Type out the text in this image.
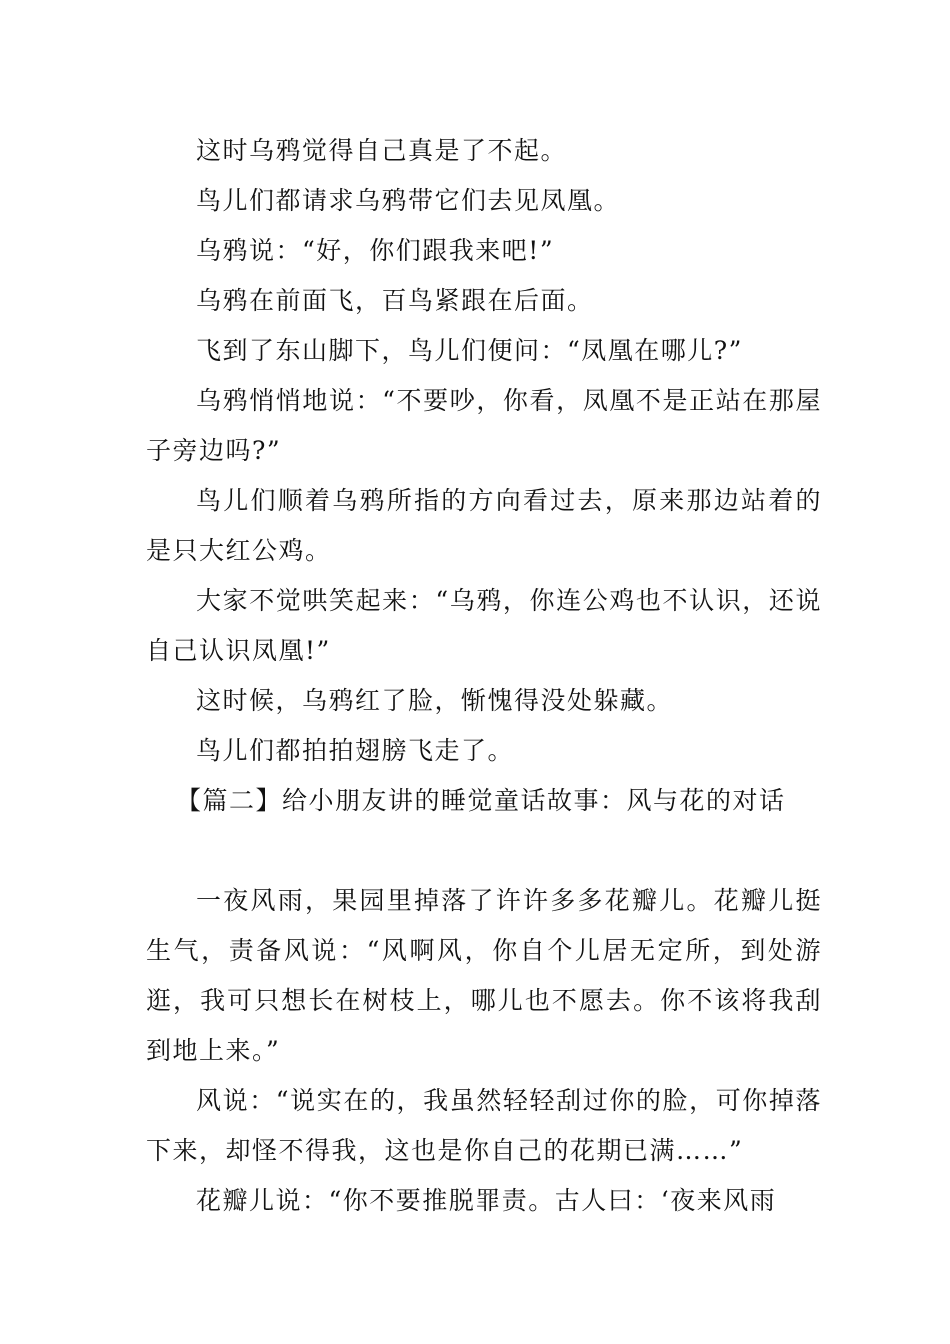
这时乌鸦觉得自己真是了不起。

鸟儿们都请求乌鸦带它们去见凤凰。

乌鸦说：“好，你们跟我来吧!”

乌鸦在前面飞，百鸟紧跟在后面。

飞到了东山脚下，鸟儿们便问：“凤凰在哪儿?”

乌鸦悄悄地说：“不要吵，你看，凤凰不是正站在那屋子旁边吗?”

鸟儿们顺着乌鸦所指的方向看过去，原来那边站着的是只大红公鸡。

大家不觉哄笑起来：“乌鸦，你连公鸡也不认识，还说自己认识凤凰!”

这时候，乌鸦红了脸，惭愧得没处躲藏。

鸟儿们都拍拍翅膀飞走了。

【篇二】给小朋友讲的睡觉童话故事：风与花的对话

一夜风雨，果园里掉落了许许多多花瓣儿。花瓣儿挺生气，责备风说：“风啊风，你自个儿居无定所，到处游逛，我可只想长在树枝上，哪儿也不愿去。你不该将我刮到地上来。”

风说：“说实在的，我虽然轻轻刮过你的脸，可你掉落下来，却怪不得我，这也是你自己的花期已满……”

花瓣儿说：“你不要推脱罪责。古人曰：‘夜来风雨
